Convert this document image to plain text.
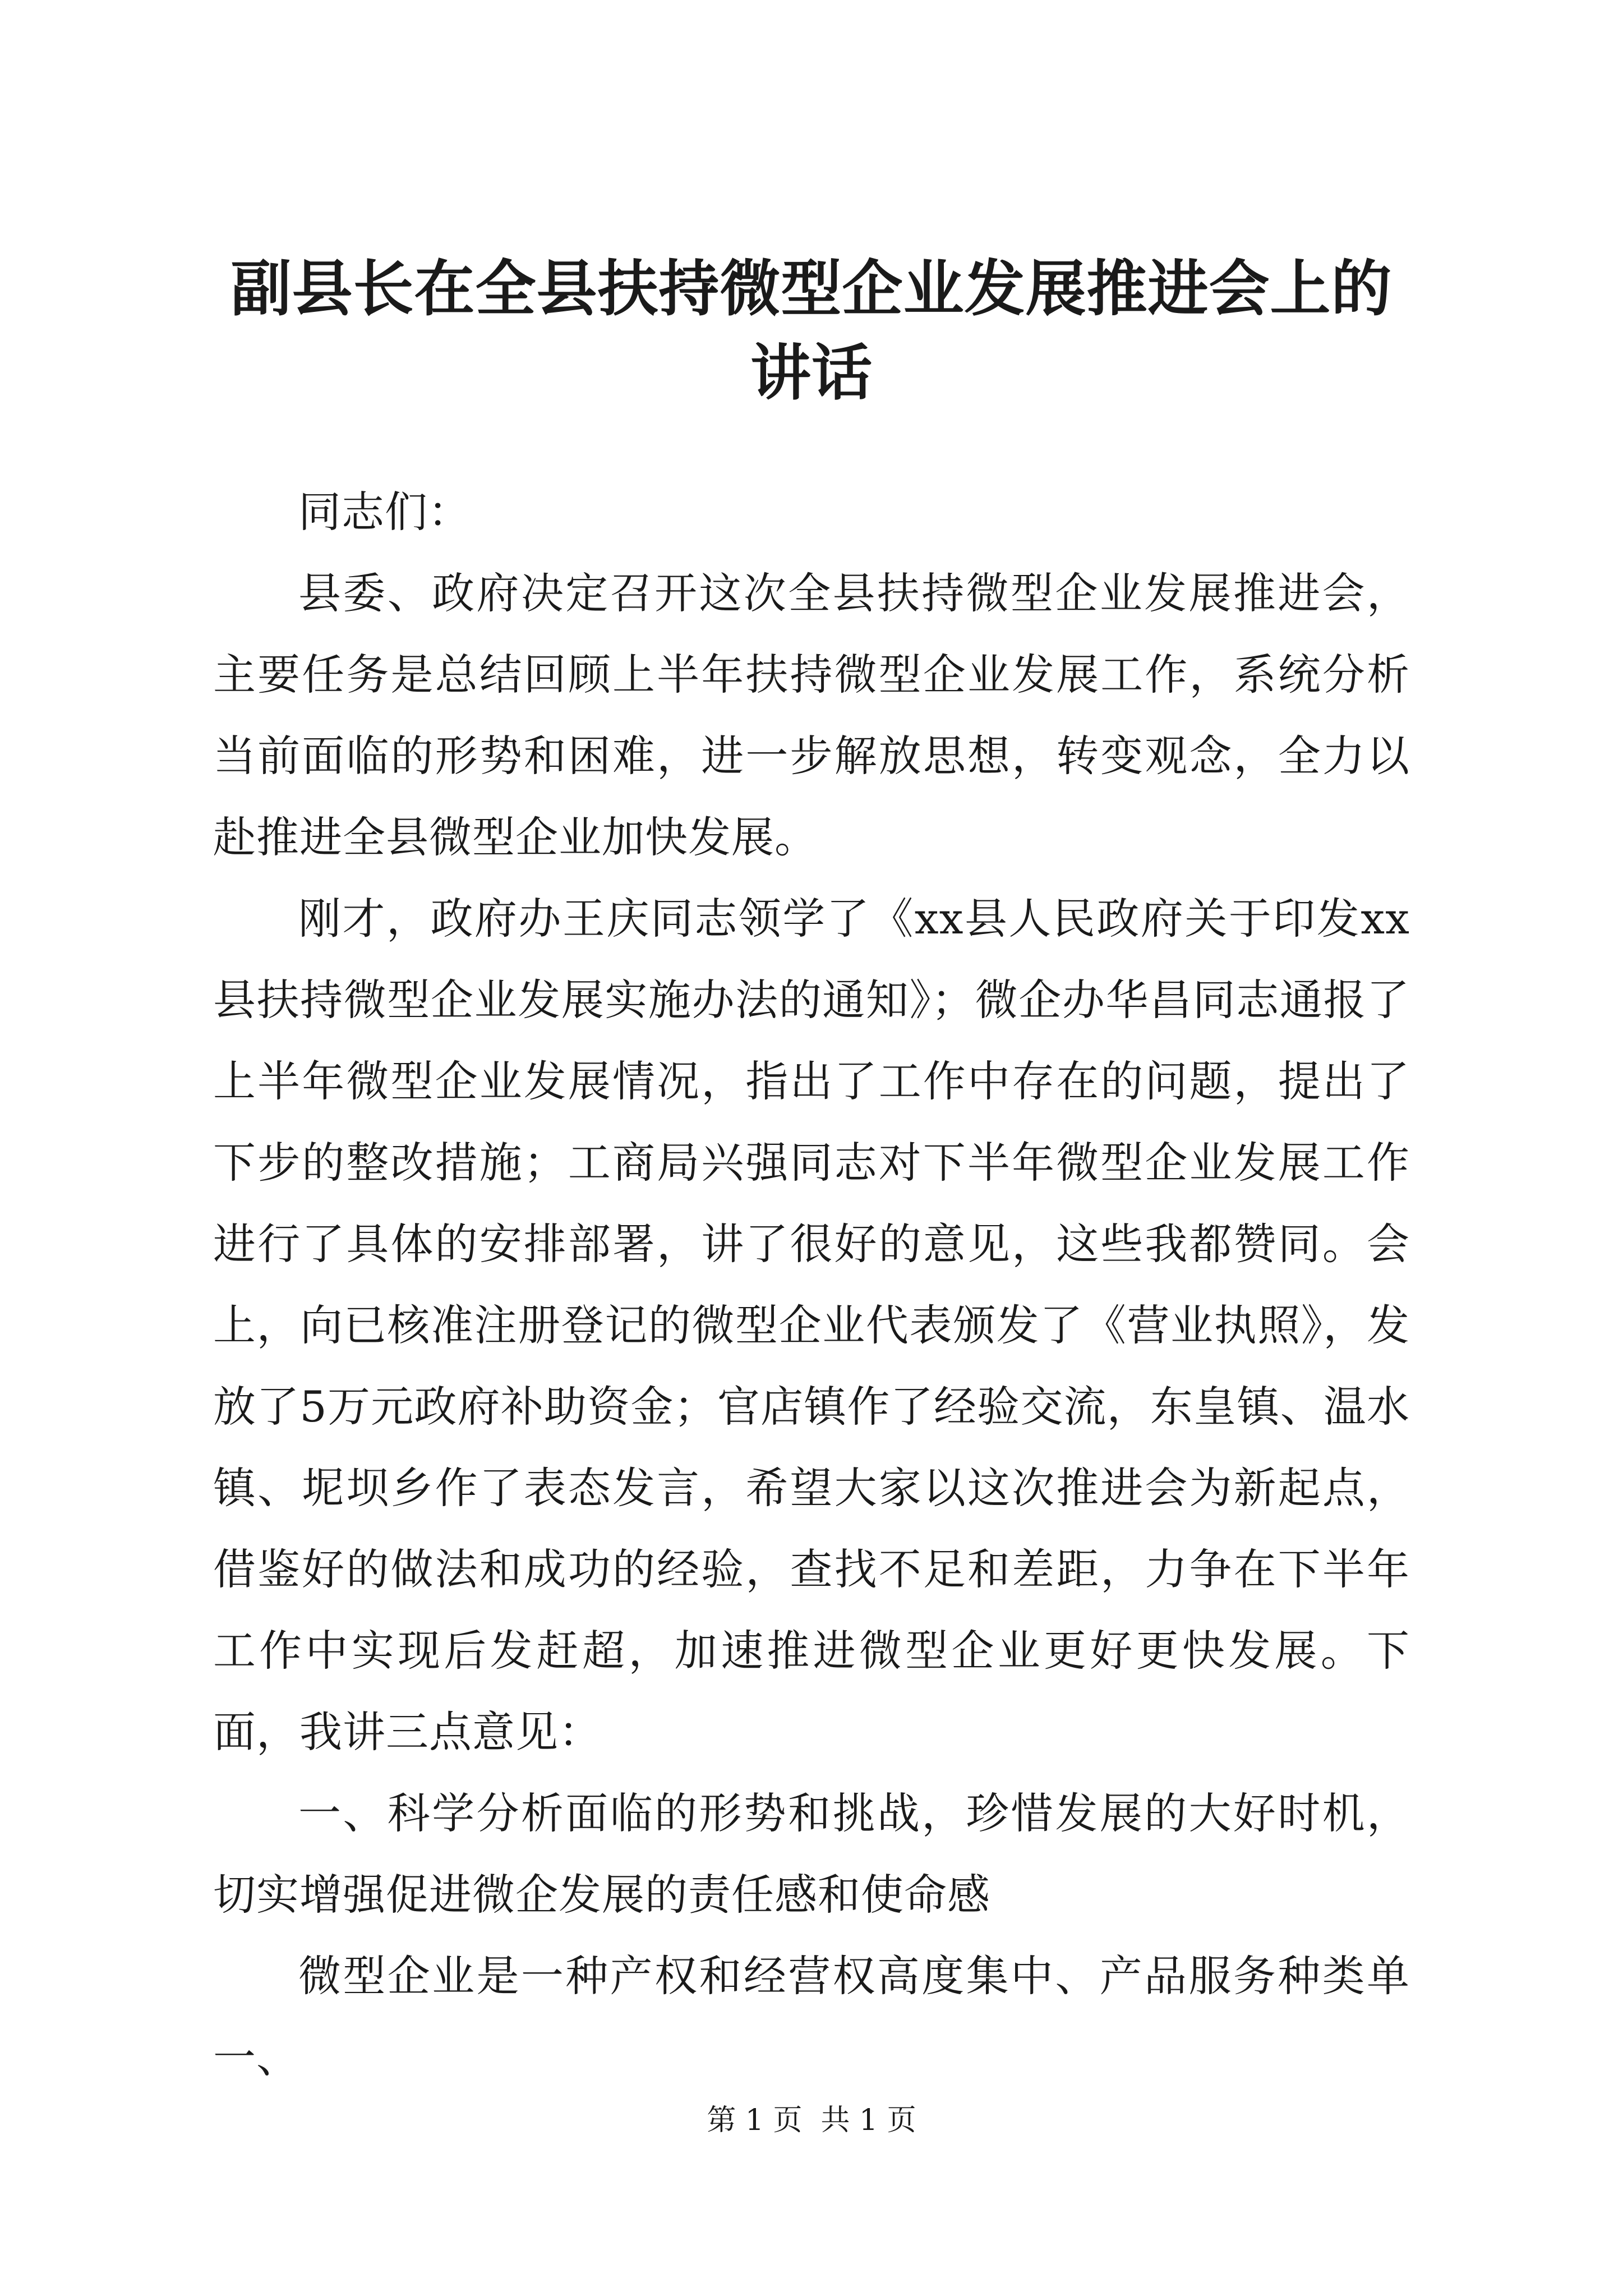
副县长在全县扶持微型企业发展推进会上的讲话

同志们：

县委、政府决定召开这次全县扶持微型企业发展推进会，主要任务是总结回顾上半年扶持微型企业发展工作，系统分析当前面临的形势和困难，进一步解放思想，转变观念，全力以赴推进全县微型企业加快发展。

刚才，政府办王庆同志领学了《xx县人民政府关于印发xx县扶持微型企业发展实施办法的通知》；微企办华昌同志通报了上半年微型企业发展情况，指出了工作中存在的问题，提出了下步的整改措施；工商局兴强同志对下半年微型企业发展工作进行了具体的安排部署，讲了很好的意见，这些我都赞同。会上，向已核准注册登记的微型企业代表颁发了《营业执照》，发放了5万元政府补助资金；官店镇作了经验交流，东皇镇、温水镇、坭坝乡作了表态发言，希望大家以这次推进会为新起点，借鉴好的做法和成功的经验，查找不足和差距，力争在下半年工作中实现后发赶超，加速推进微型企业更好更快发展。下面，我讲三点意见：

一、科学分析面临的形势和挑战，珍惜发展的大好时机，切实增强促进微企发展的责任感和使命感

微型企业是一种产权和经营权高度集中、产品服务种类单一、

第 1 页  共 1 页
